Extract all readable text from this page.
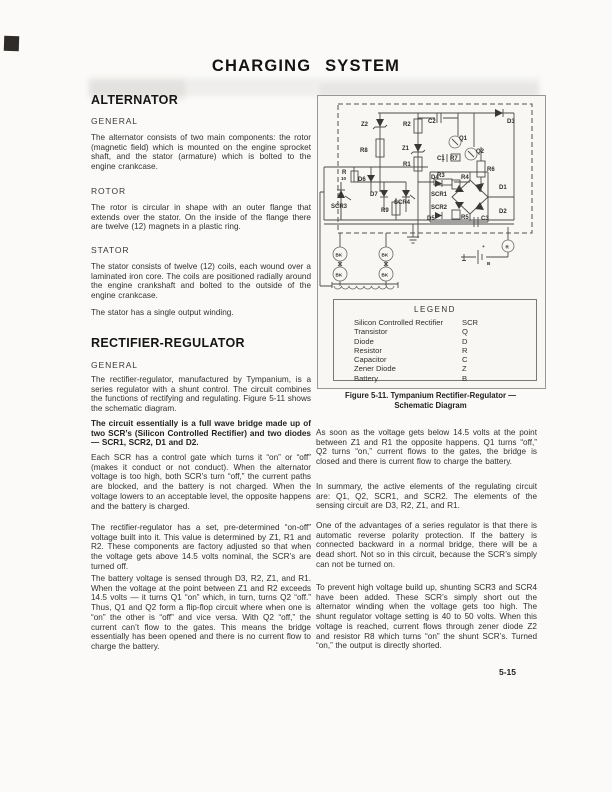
CHARGING SYSTEM
ALTERNATOR
GENERAL
The alternator consists of two main components: the rotor (magnetic field) which is mounted on the engine sprocket shaft, and the stator (armature) which is bolted to the engine crankcase.
ROTOR
The rotor is circular in shape with an outer flange that extends over the stator. On the inside of the flange there are twelve (12) magnets in a plastic ring.
STATOR
The stator consists of twelve (12) coils, each wound over a laminated iron core. The coils are positioned radially around the engine crankshaft and bolted to the outside of the engine crankcase.
The stator has a single output winding.
RECTIFIER-REGULATOR
GENERAL
The rectifier-regulator, manufactured by Tympanium, is a series regulator with a shunt control. The circuit combines the functions of rectifying and regulating. Figure 5-11 shows the schematic diagram.
The circuit essentially is a full wave bridge made up of two SCR’s (Silicon Controlled Rectifier) and two diodes — SCR1, SCR2, D1 and D2.
Each SCR has a control gate which turns it “on” or “off” (makes it conduct or not conduct). When the alternator voltage is too high, both SCR’s turn “off,” the current paths are blocked, and the battery is not charged. When the voltage lowers to an acceptable level, the opposite happens and the battery is charged.
The rectifier-regulator has a set, pre-determined “on-off” voltage built into it. This value is determined by Z1, R1 and R2. These components are factory adjusted so that when the voltage gets above 14.5 volts nominal, the SCR’s are turned off.
The battery voltage is sensed through D3, R2, Z1, and R1. When the voltage at the point between Z1 and R2 exceeds 14.5 volts — it turns Q1 “on” which, in turn, turns Q2 “off.” Thus, Q1 and Q2 form a flip-flop circuit where when one is “on” the other is “off” and vice versa. With Q2 “off,” the current can’t flow to the gates. This means the bridge essentially has been opened and there is no current flow to charge the battery.
Z2	R2	C2	D3
R8	Z1
Q1
Q2
C1 R7
R1
R6
R3
R
10 D6
D7
SCR3
SCR4
R9
D4	R4
SCR1
D1
SCR2
D2
D5	R5 C3
R
+
B
BK	BK
BK	BK
LEGEND
Silicon Controlled Rectifier SCR
Transistor	Q
Diode	D
Resistor	R
Capacitor	C
Zener Diode	Z
Battery	B
Figure 5-11. Tympanium Rectifier-Regulator —
Schematic Diagram
As soon as the voltage gets below 14.5 volts at the point between Z1 and R1 the opposite happens. Q1 turns “off,” Q2 turns “on,” current flows to the gates, the bridge is closed and there is current flow to charge the battery.
In summary, the active elements of the regulating circuit are: Q1, Q2, SCR1, and SCR2. The elements of the sensing circuit are D3, R2, Z1, and R1.
One of the advantages of a series regulator is that there is automatic reverse polarity protection. If the battery is connected backward in a normal bridge, there will be a dead short. Not so in this circuit, because the SCR’s simply can not be turned on.
To prevent high voltage build up, shunting SCR3 and SCR4 have been added. These SCR’s simply short out the alternator winding when the voltage gets too high. The shunt regulator voltage setting is 40 to 50 volts. When this voltage is reached, current flows through zener diode Z2 and resistor R8 which turns “on” the shunt SCR’s. Turned “on,” the output is directly shorted.
5-15
